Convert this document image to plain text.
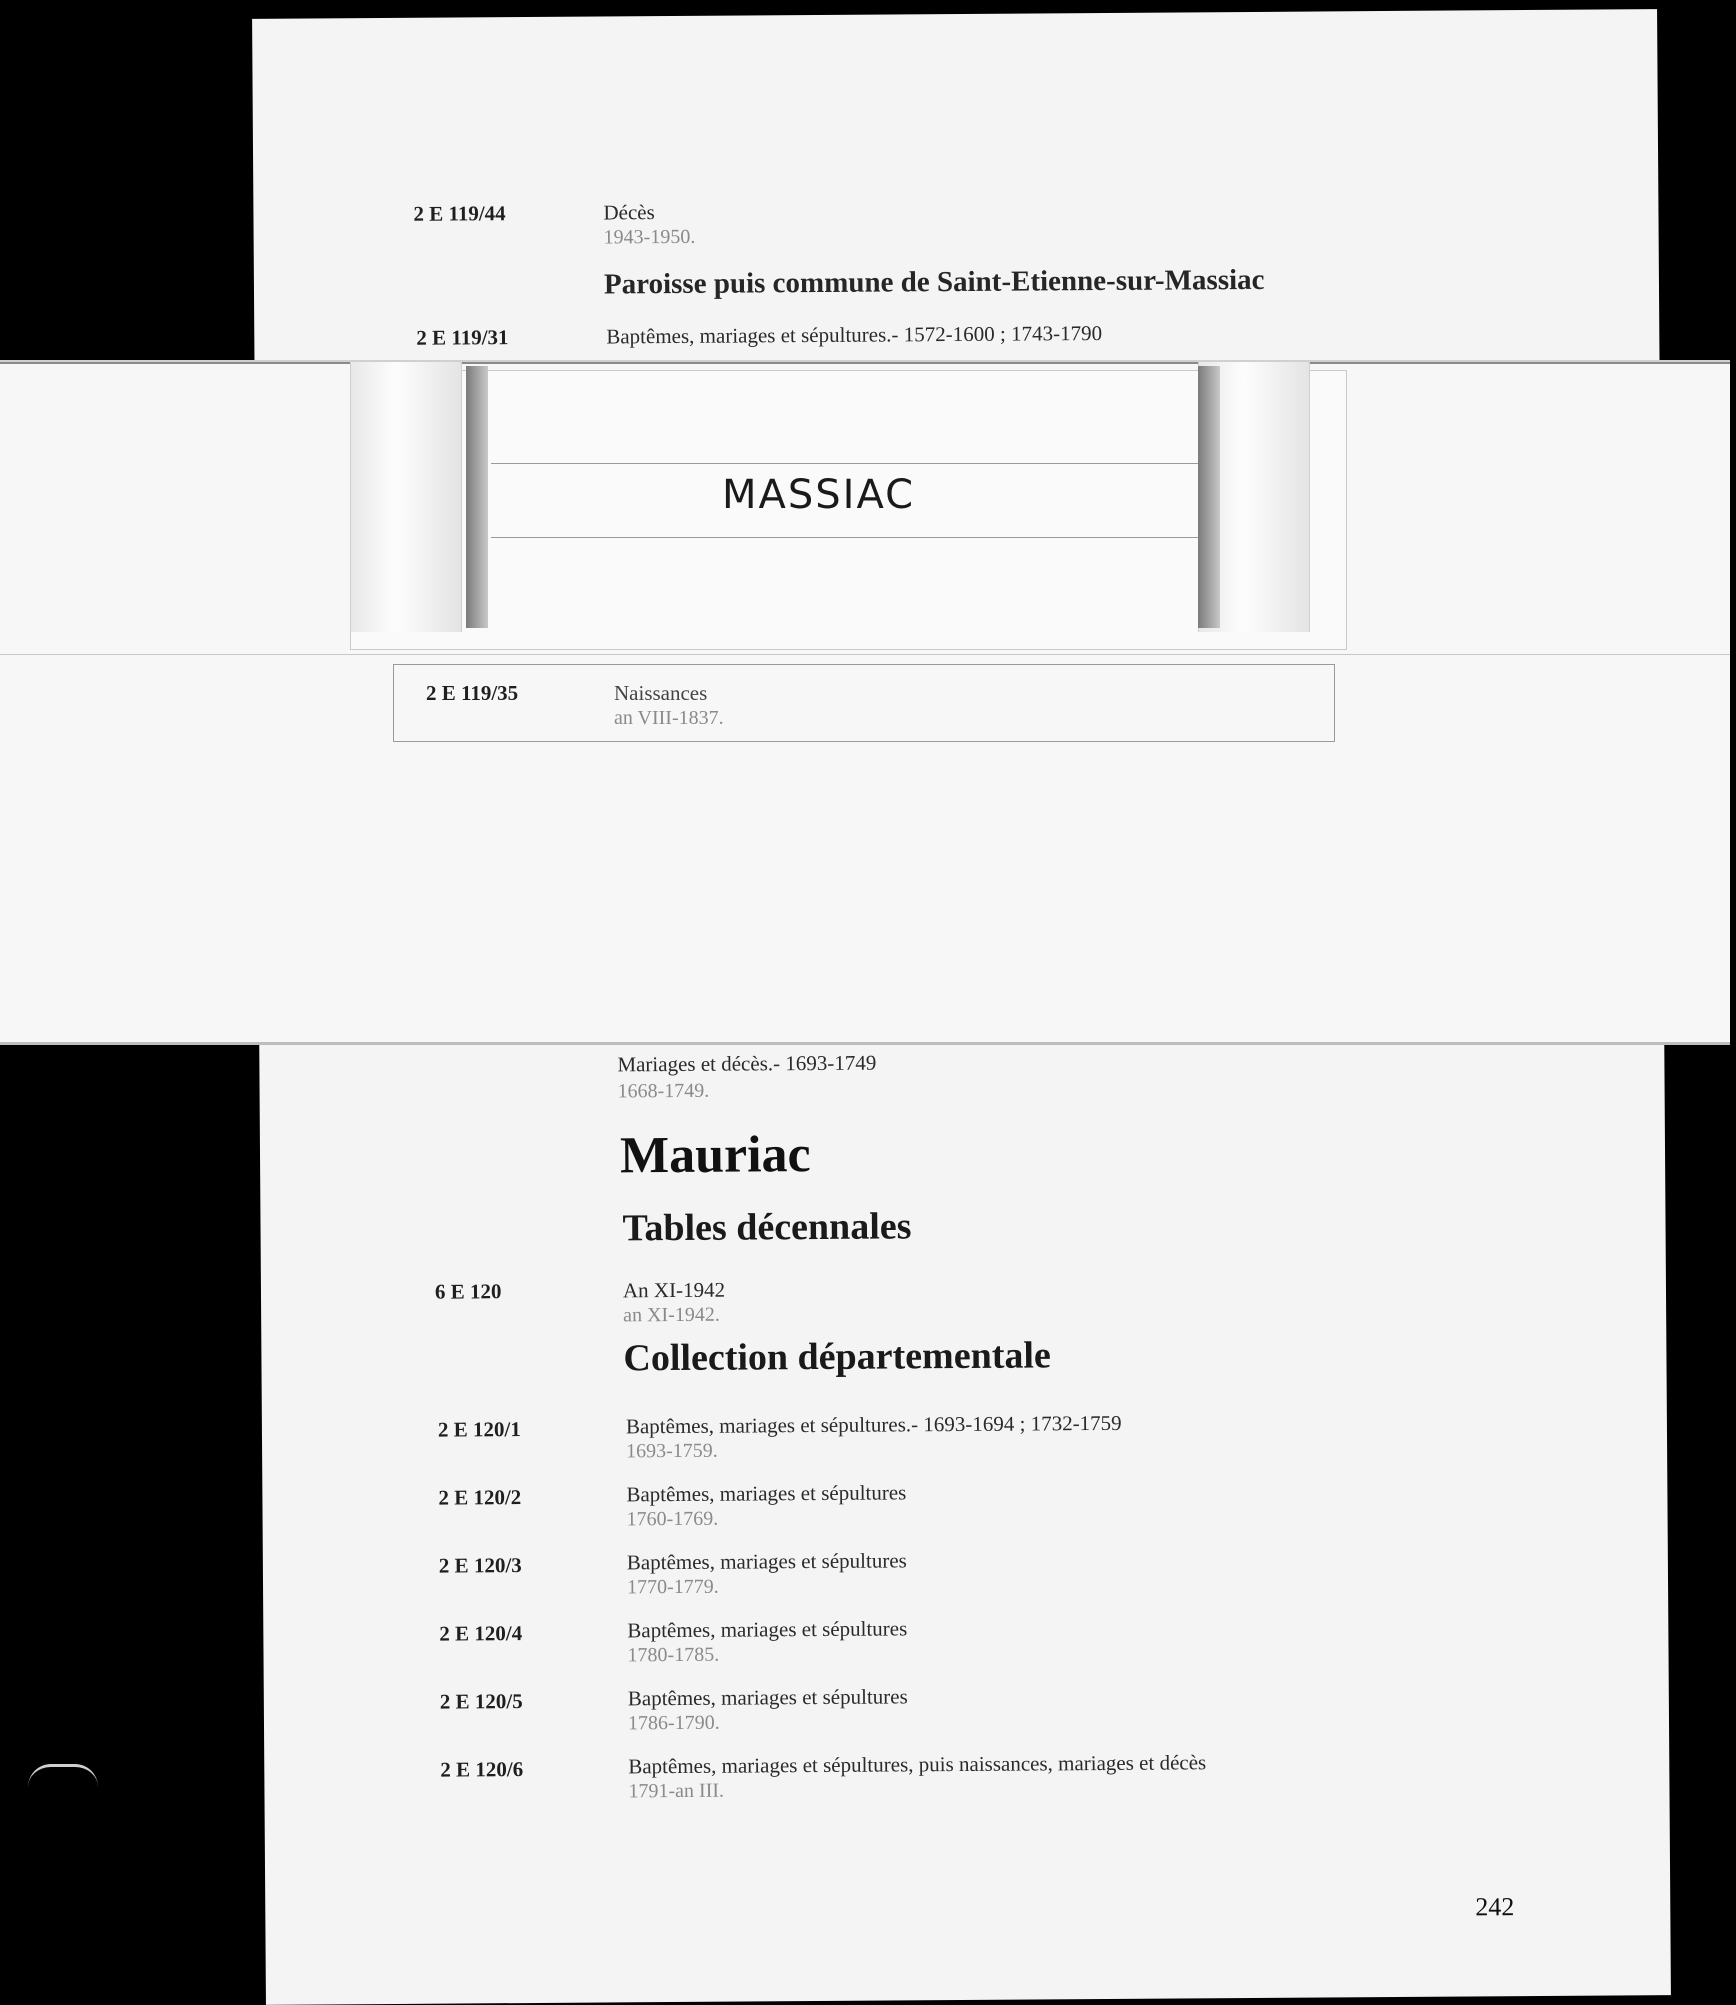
2 E 119/44	Décès
1943-1950.
Paroisse puis commune de Saint-Etienne-sur-Massiac
2 E 119/31	Baptêmes, mariages et sépultures.- 1572-1600 ; 1743-1790
Mariages et décès.- 1693-1749
1668-1749.
Mauriac
Tables décennales
6 E 120	An XI-1942
an XI-1942.
Collection départementale
2 E 120/1	Baptêmes, mariages et sépultures.- 1693-1694 ; 1732-1759
1693-1759.
2 E 120/2	Baptêmes, mariages et sépultures
1760-1769.
2 E 120/3	Baptêmes, mariages et sépultures
1770-1779.
2 E 120/4	Baptêmes, mariages et sépultures
1780-1785.
2 E 120/5	Baptêmes, mariages et sépultures
1786-1790.
2 E 120/6	Baptêmes, mariages et sépultures, puis naissances, mariages et décès
1791-an III.
242
MASSIAC
2 E 119/35	Naissances
an VIII-1837.
